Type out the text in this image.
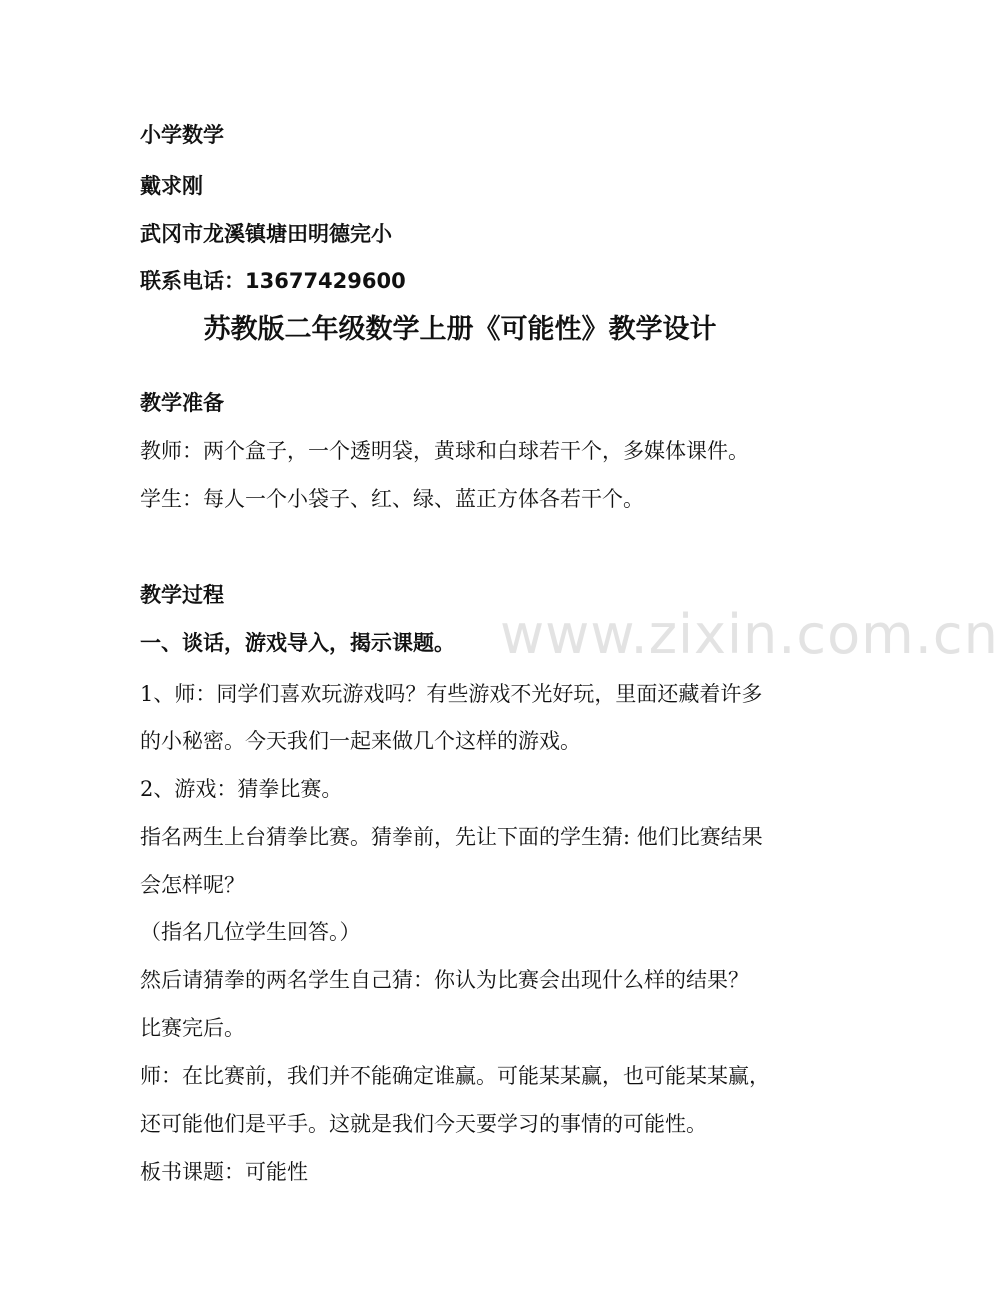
www.zixin.com.cn
小学数学
戴求刚
武冈市龙溪镇塘田明德完小
联系电话：13677429600
苏教版二年级数学上册《可能性》教学设计
教学准备
教师：两个盒子，一个透明袋，黄球和白球若干个，多媒体课件。
学生：每人一个小袋子、红、绿、蓝正方体各若干个。
教学过程
一、谈话，游戏导入，揭示课题。
1、师：同学们喜欢玩游戏吗？有些游戏不光好玩，里面还藏着许多
的小秘密。今天我们一起来做几个这样的游戏。
2、游戏：猜拳比赛。
指名两生上台猜拳比赛。猜拳前，先让下面的学生猜: 他们比赛结果
会怎样呢？
（指名几位学生回答。）
然后请猜拳的两名学生自己猜：你认为比赛会出现什么样的结果？
比赛完后。
师：在比赛前，我们并不能确定谁赢。可能某某赢，也可能某某赢，
还可能他们是平手。这就是我们今天要学习的事情的可能性。
板书课题：可能性
